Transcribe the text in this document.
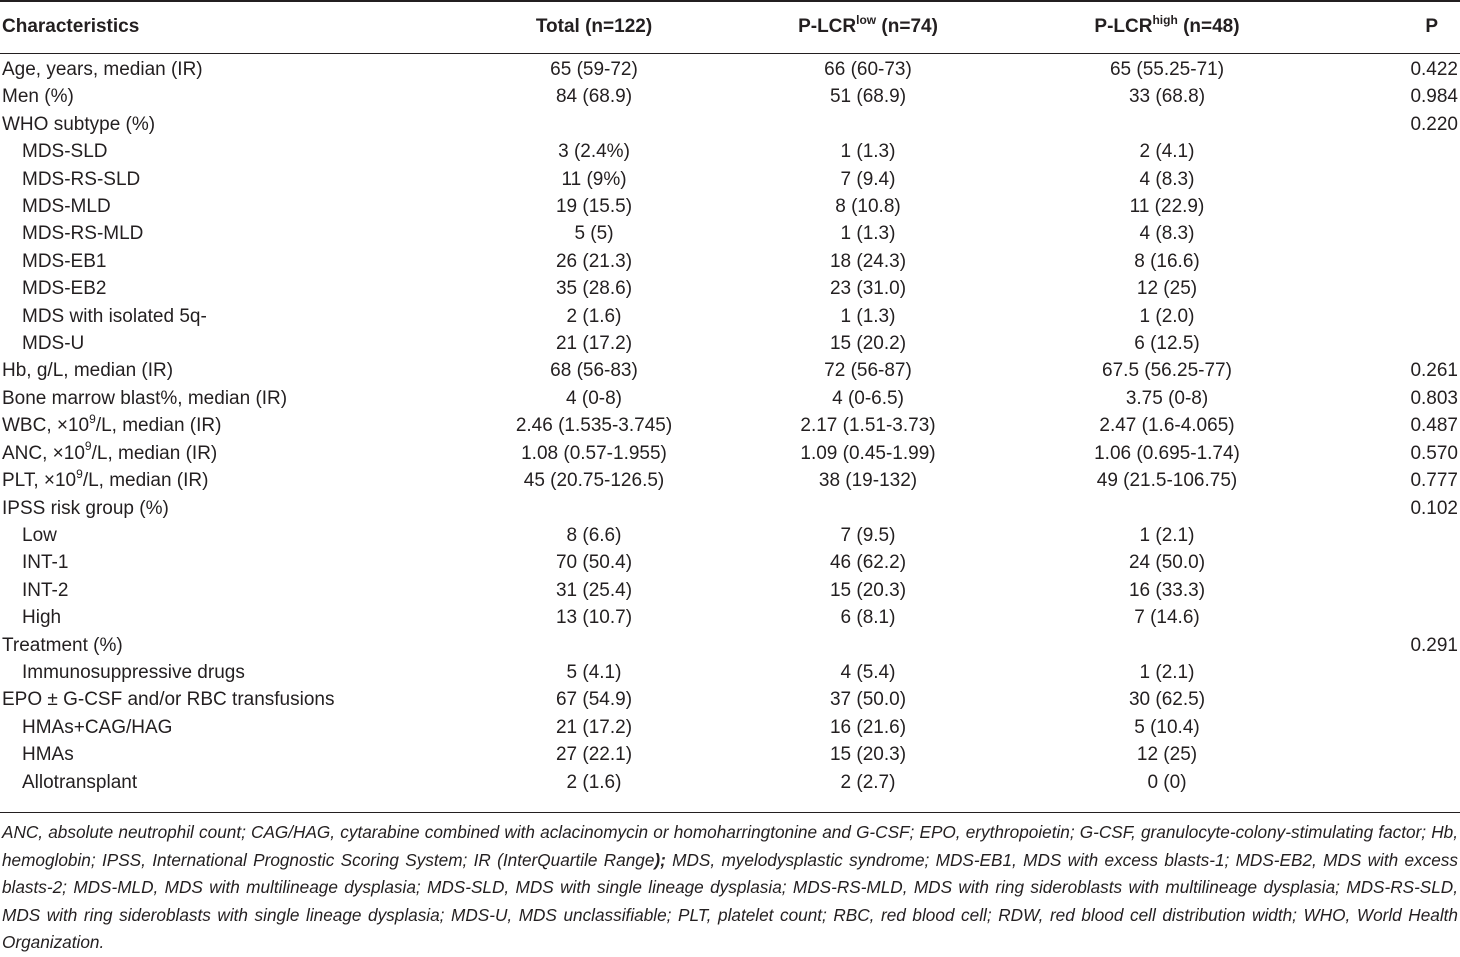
Characteristics	Total (n=122)	$P-LCR^{low}$ (n=74)	$P-LCR^{high}$ (n=48)	P

Age, years, median (IR)	65 (59-72)	66 (60-73)	65 (55.25-71)	0.422
Men (%)	84 (68.9)	51 (68.9)	33 (68.8)	0.984
WHO subtype (%)				0.220
MDS-SLD	3 (2.4%)	1 (1.3)	2 (4.1)	
MDS-RS-SLD	11 (9%)	7 (9.4)	4 (8.3)	
MDS-MLD	19 (15.5)	8 (10.8)	11 (22.9)	
MDS-RS-MLD	5 (5)	1 (1.3)	4 (8.3)	
MDS-EB1	26 (21.3)	18 (24.3)	8 (16.6)	
MDS-EB2	35 (28.6)	23 (31.0)	12 (25)	
MDS with isolated 5q-	2 (1.6)	1 (1.3)	1 (2.0)	
MDS-U	21 (17.2)	15 (20.2)	6 (12.5)	
Hb, g/L, median (IR)	68 (56-83)	72 (56-87)	67.5 (56.25-77)	0.261
Bone marrow blast%, median (IR)	4 (0-8)	4 (0-6.5)	3.75 (0-8)	0.803
WBC, $\times 10^9/L$, median (IR)	2.46 (1.535-3.745)	2.17 (1.51-3.73)	2.47 (1.6-4.065)	0.487
ANC, $\times 10^9/L$, median (IR)	1.08 (0.57-1.955)	1.09 (0.45-1.99)	1.06 (0.695-1.74)	0.570
PLT, $\times 10^9/L$, median (IR)	45 (20.75-126.5)	38 (19-132)	49 (21.5-106.75)	0.777
IPSS risk group (%)				0.102
Low	8 (6.6)	7 (9.5)	1 (2.1)	
INT-1	70 (50.4)	46 (62.2)	24 (50.0)	
INT-2	31 (25.4)	15 (20.3)	16 (33.3)	
High	13 (10.7)	6 (8.1)	7 (14.6)	
Treatment (%)				0.291
Immunosuppressive drugs	5 (4.1)	4 (5.4)	1 (2.1)	
EPO ± G-CSF and/or RBC transfusions	67 (54.9)	37 (50.0)	30 (62.5)	
HMAs+CAG/HAG	21 (17.2)	16 (21.6)	5 (10.4)	
HMAs	27 (22.1)	15 (20.3)	12 (25)	
Allotransplant	2 (1.6)	2 (2.7)	0 (0)	
ANC, absolute neutrophil count; CAG/HAG, cytarabine combined with aclacinomycin or homoharringtonine and G-CSF; EPO, erythropoietin; G-CSF, granulocyte-colony-stimulating factor; Hb, hemoglobin; IPSS, International Prognostic Scoring System; IR (InterQuartile Range); MDS, myelodysplastic syndrome; MDS-EB1, MDS with excess blasts-1; MDS-EB2, MDS with excess blasts-2; MDS-MLD, MDS with multilineage dysplasia; MDS-SLD, MDS with single lineage dysplasia; MDS-RS-MLD, MDS with ring sideroblasts with multilineage dysplasia; MDS-RS-SLD, MDS with ring sideroblasts with single lineage dysplasia; MDS-U, MDS unclassifiable; PLT, platelet count; RBC, red blood cell; RDW, red blood cell distribution width; WHO, World Health Organization.
